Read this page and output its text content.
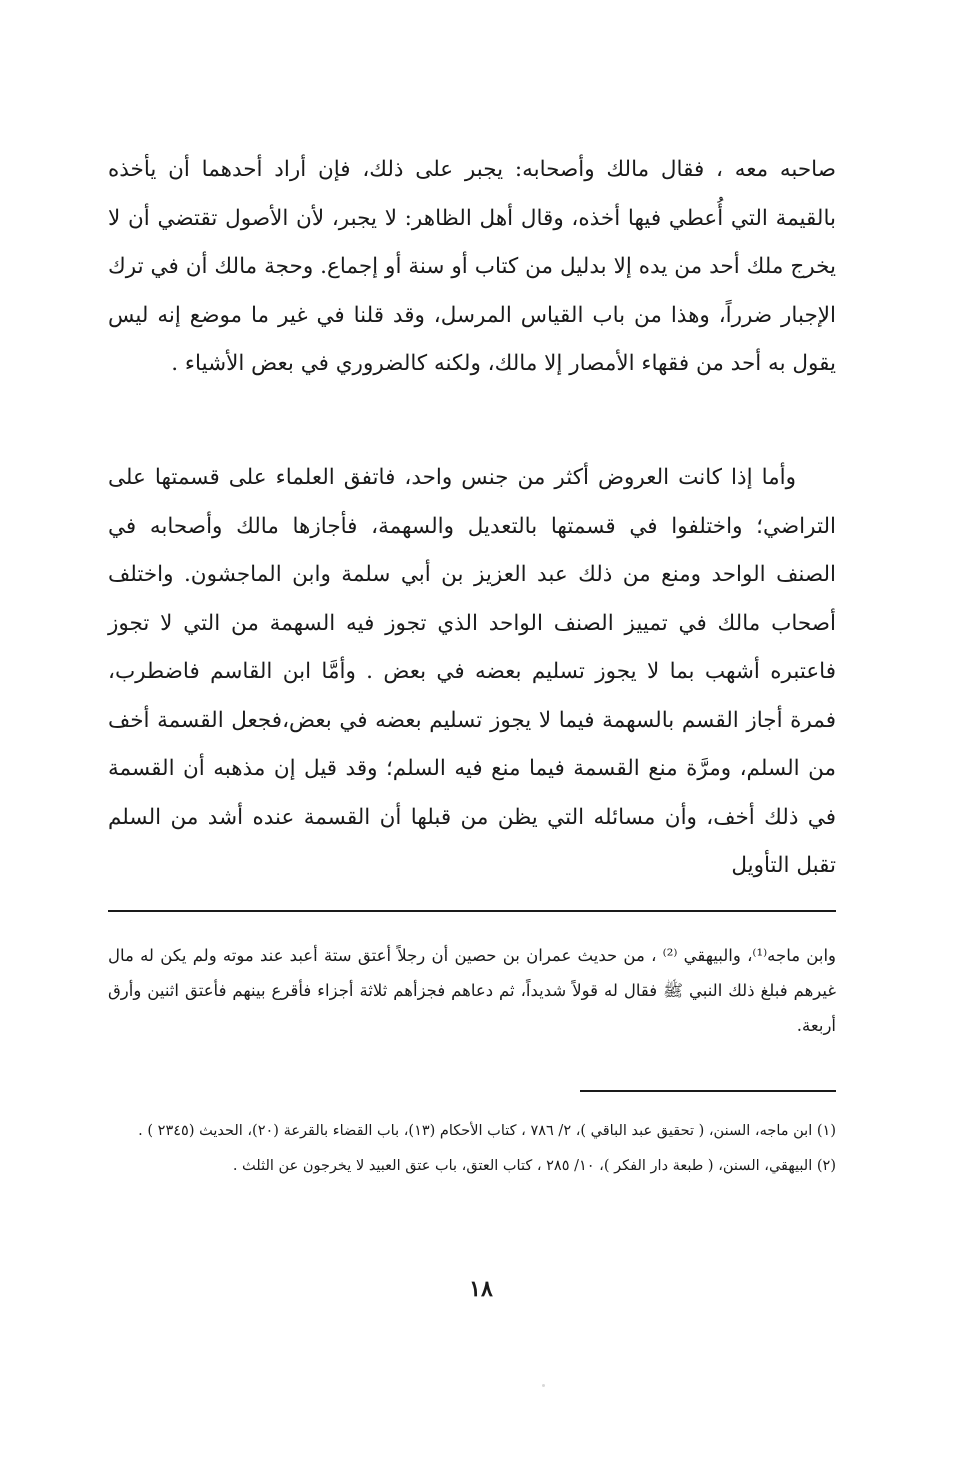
صاحبه معه ، فقال مالك وأصحابه: يجبر على ذلك، فإن أراد أحدهما أن يأخذه بالقيمة التي أُعطي فيها أخذه، وقال أهل الظاهر: لا يجبر، لأن الأصول تقتضي أن لا يخرج ملك أحد من يده إلا بدليل من كتاب أو سنة أو إجماع. وحجة مالك أن في ترك الإجبار ضرراً، وهذا من باب القياس المرسل، وقد قلنا في غير ما موضع إنه ليس يقول به أحد من فقهاء الأمصار إلا مالك، ولكنه كالضروري في بعض الأشياء .

وأما إذا كانت العروض أكثر من جنس واحد، فاتفق العلماء على قسمتها على التراضي؛ واختلفوا في قسمتها بالتعديل والسهمة، فأجازها مالك وأصحابه في الصنف الواحد ومنع من ذلك عبد العزيز بن أبي سلمة وابن الماجشون. واختلف أصحاب مالك في تمييز الصنف الواحد الذي تجوز فيه السهمة من التي لا تجوز فاعتبره أشهب بما لا يجوز تسليم بعضه في بعض . وأمَّا ابن القاسم فاضطرب، فمرة أجاز القسم بالسهمة فيما لا يجوز تسليم بعضه في بعض،فجعل القسمة أخف من السلم، ومرَّة منع القسمة فيما منع فيه السلم؛ وقد قيل إن مذهبه أن القسمة في ذلك أخف، وأن مسائله التي يظن من قبلها أن القسمة عنده أشد من السلم تقبل التأويل

وابن ماجه⁽¹⁾، والبيهقي ⁽²⁾ ، من حديث عمران بن حصين أن رجلاً أعتق ستة أعبد عند موته ولم يكن له مال غيرهم فبلغ ذلك النبي ﷺ فقال له قولاً شديداً، ثم دعاهم فجزأهم ثلاثة أجزاء فأقرع بينهم فأعتق اثنين وأرق أربعة.

(١) ابن ماجه، السنن، ( تحقيق عبد الباقي )، ٢/ ٧٨٦ ، كتاب الأحكام (١٣)، باب القضاء بالقرعة (٢٠)، الحديث (٢٣٤٥ ) .
(٢) البيهقي، السنن، ( طبعة دار الفكر )، ١٠/ ٢٨٥ ، كتاب العتق، باب عتق العبيد لا يخرجون عن الثلث .
١٨
